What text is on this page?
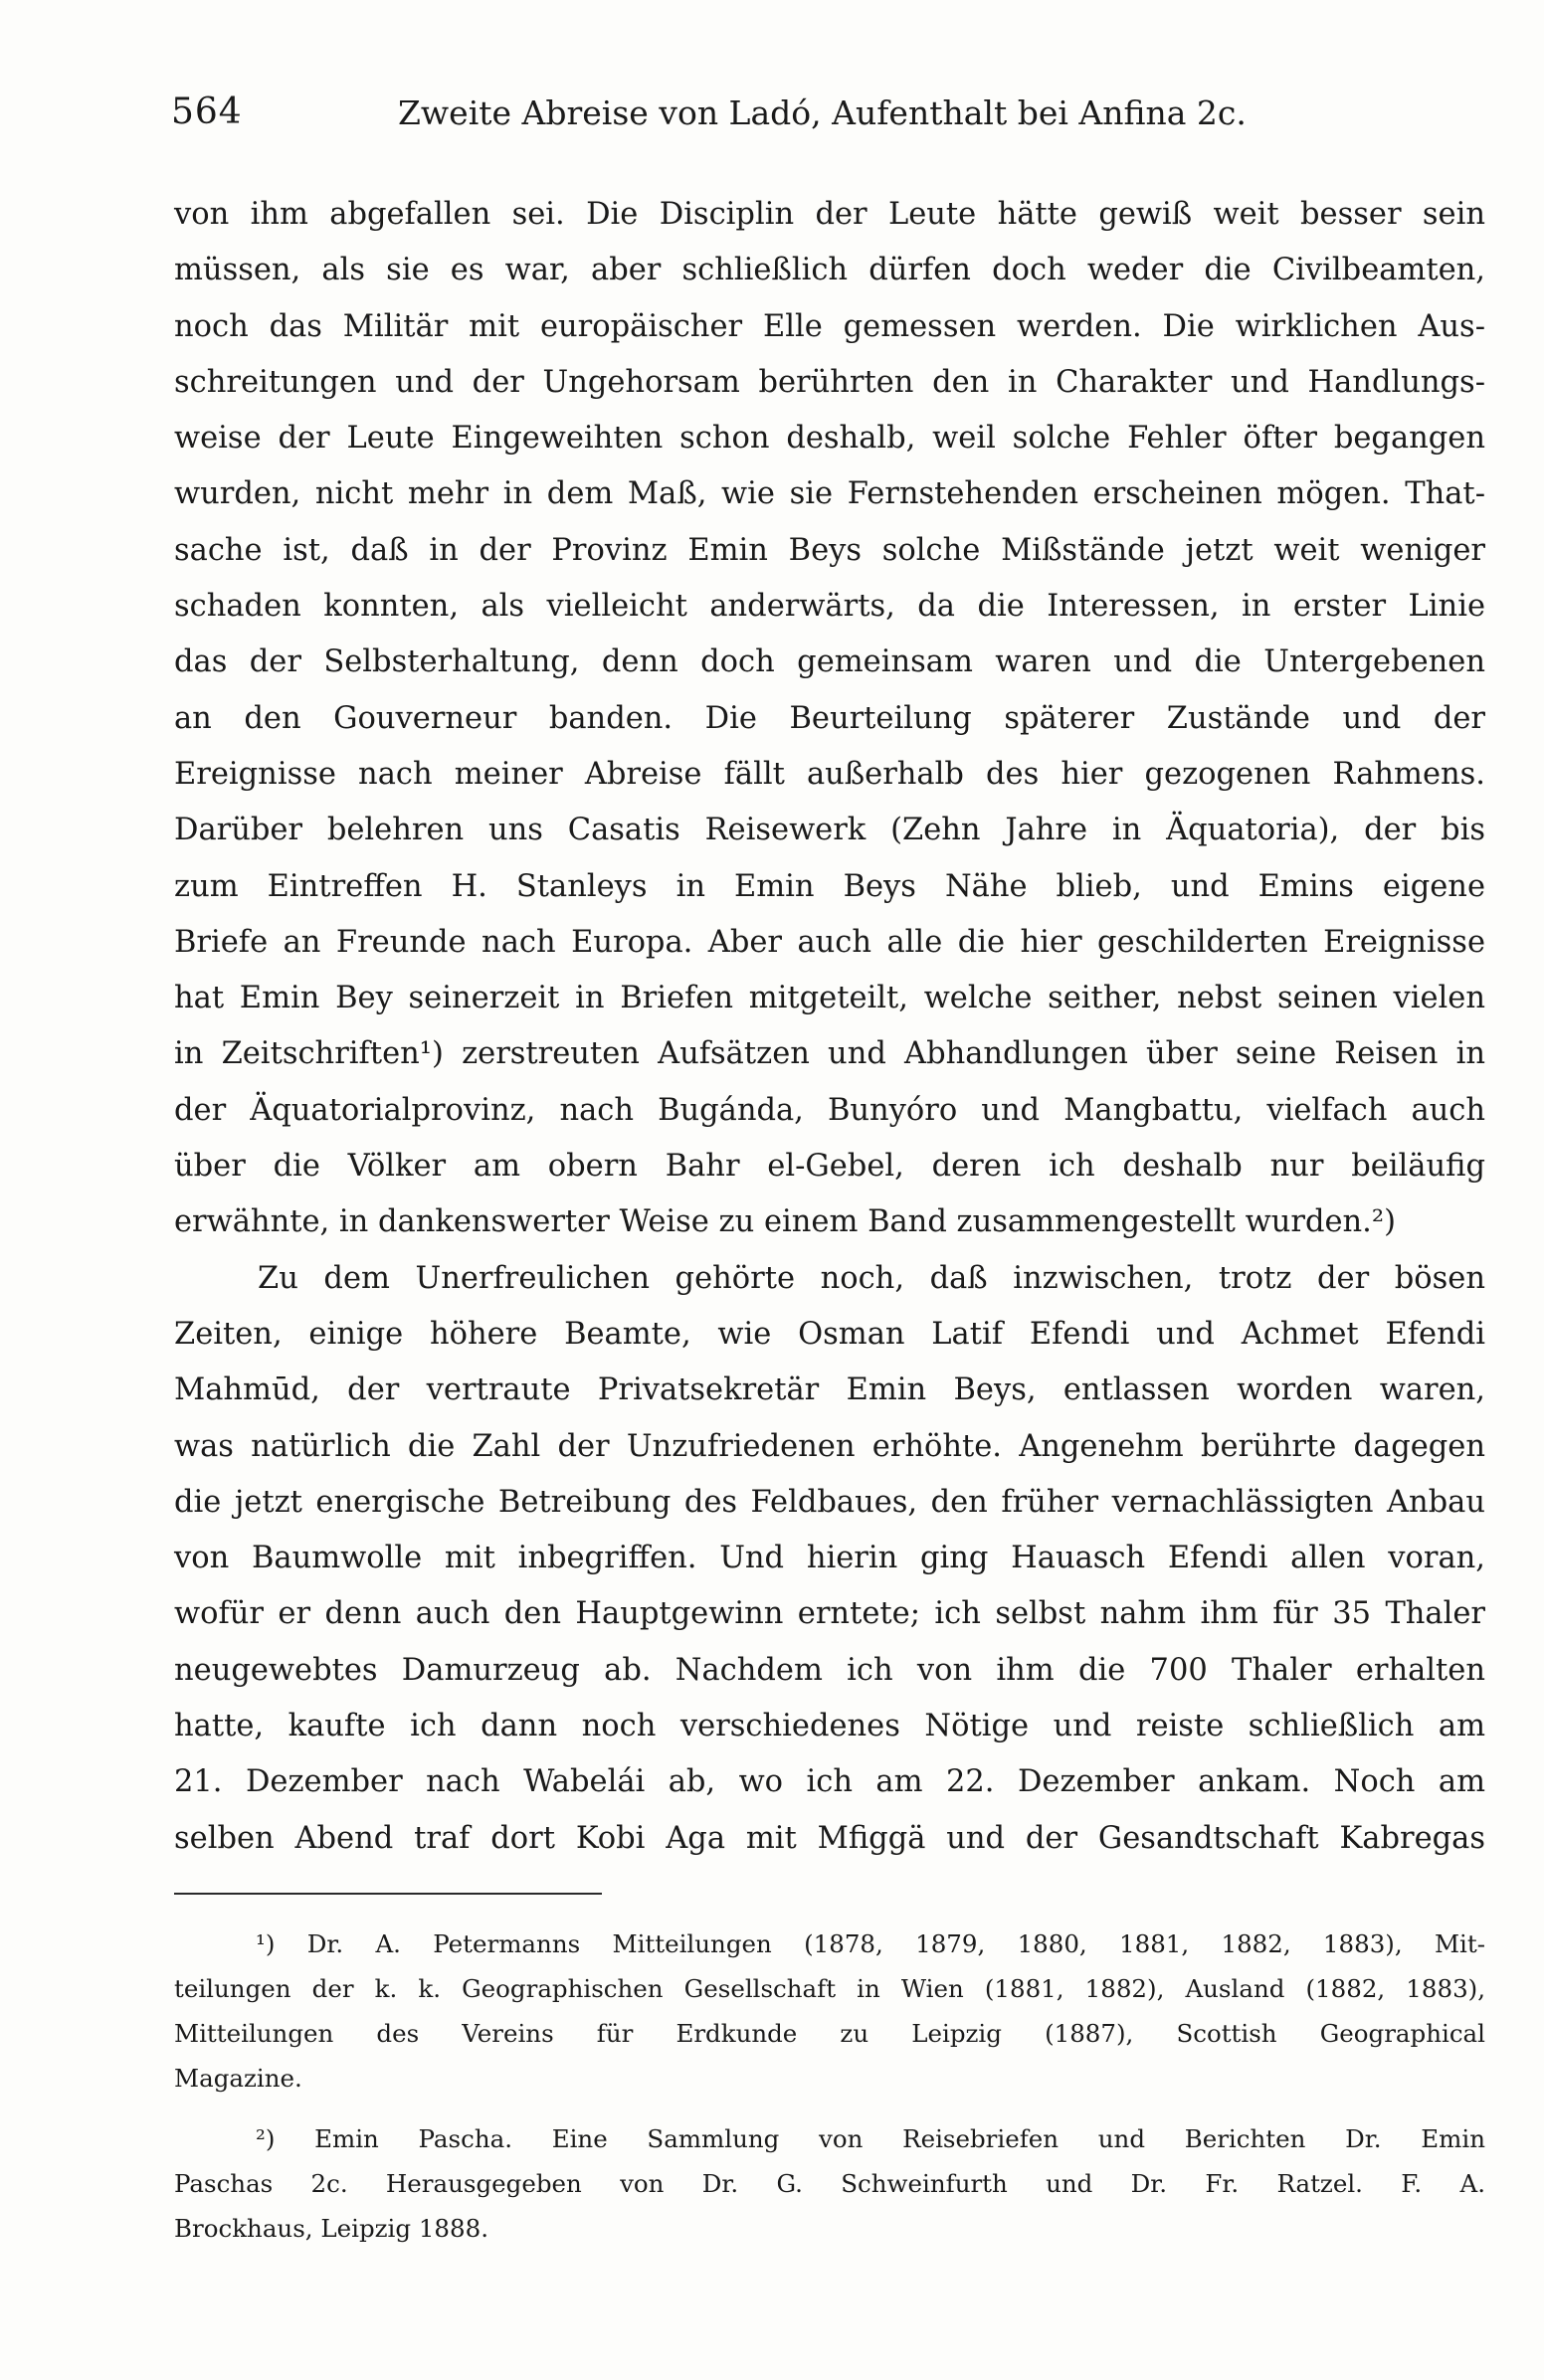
564	Zweite Abreise von Ladó, Aufenthalt bei Anfina 2c.
von ihm abgefallen sei. Die Disciplin der Leute hätte gewiß weit besser sein
müssen, als sie es war, aber schließlich dürfen doch weder die Civilbeamten,
noch das Militär mit europäischer Elle gemessen werden. Die wirklichen Aus-
schreitungen und der Ungehorsam berührten den in Charakter und Handlungs-
weise der Leute Eingeweihten schon deshalb, weil solche Fehler öfter begangen
wurden, nicht mehr in dem Maß, wie sie Fernstehenden erscheinen mögen. That-
sache ist, daß in der Provinz Emin Beys solche Mißstände jetzt weit weniger
schaden konnten, als vielleicht anderwärts, da die Interessen, in erster Linie
das der Selbsterhaltung, denn doch gemeinsam waren und die Untergebenen
an den Gouverneur banden. Die Beurteilung späterer Zustände und der
Ereignisse nach meiner Abreise fällt außerhalb des hier gezogenen Rahmens.
Darüber belehren uns Casatis Reisewerk (Zehn Jahre in Äquatoria), der bis
zum Eintreffen H. Stanleys in Emin Beys Nähe blieb, und Emins eigene
Briefe an Freunde nach Europa. Aber auch alle die hier geschilderten Ereignisse
hat Emin Bey seinerzeit in Briefen mitgeteilt, welche seither, nebst seinen vielen
in Zeitschriften¹) zerstreuten Aufsätzen und Abhandlungen über seine Reisen in
der Äquatorialprovinz, nach Bugánda, Bunyóro und Mangbattu, vielfach auch
über die Völker am obern Bahr el-Gebel, deren ich deshalb nur beiläufig
erwähnte, in dankenswerter Weise zu einem Band zusammengestellt wurden.²)
Zu dem Unerfreulichen gehörte noch, daß inzwischen, trotz der bösen
Zeiten, einige höhere Beamte, wie Osman Latif Efendi und Achmet Efendi
Mahmūd, der vertraute Privatsekretär Emin Beys, entlassen worden waren,
was natürlich die Zahl der Unzufriedenen erhöhte. Angenehm berührte dagegen
die jetzt energische Betreibung des Feldbaues, den früher vernachlässigten Anbau
von Baumwolle mit inbegriffen. Und hierin ging Hauasch Efendi allen voran,
wofür er denn auch den Hauptgewinn erntete; ich selbst nahm ihm für 35 Thaler
neugewebtes Damurzeug ab. Nachdem ich von ihm die 700 Thaler erhalten
hatte, kaufte ich dann noch verschiedenes Nötige und reiste schließlich am
21. Dezember nach Wabelái ab, wo ich am 22. Dezember ankam. Noch am
selben Abend traf dort Kobi Aga mit Mfiggä und der Gesandtschaft Kabregas
¹) Dr. A. Petermanns Mitteilungen (1878, 1879, 1880, 1881, 1882, 1883), Mit-
teilungen der k. k. Geographischen Gesellschaft in Wien (1881, 1882), Ausland (1882, 1883),
Mitteilungen des Vereins für Erdkunde zu Leipzig (1887), Scottish Geographical
Magazine.
²) Emin Pascha. Eine Sammlung von Reisebriefen und Berichten Dr. Emin
Paschas 2c. Herausgegeben von Dr. G. Schweinfurth und Dr. Fr. Ratzel. F. A.
Brockhaus, Leipzig 1888.
